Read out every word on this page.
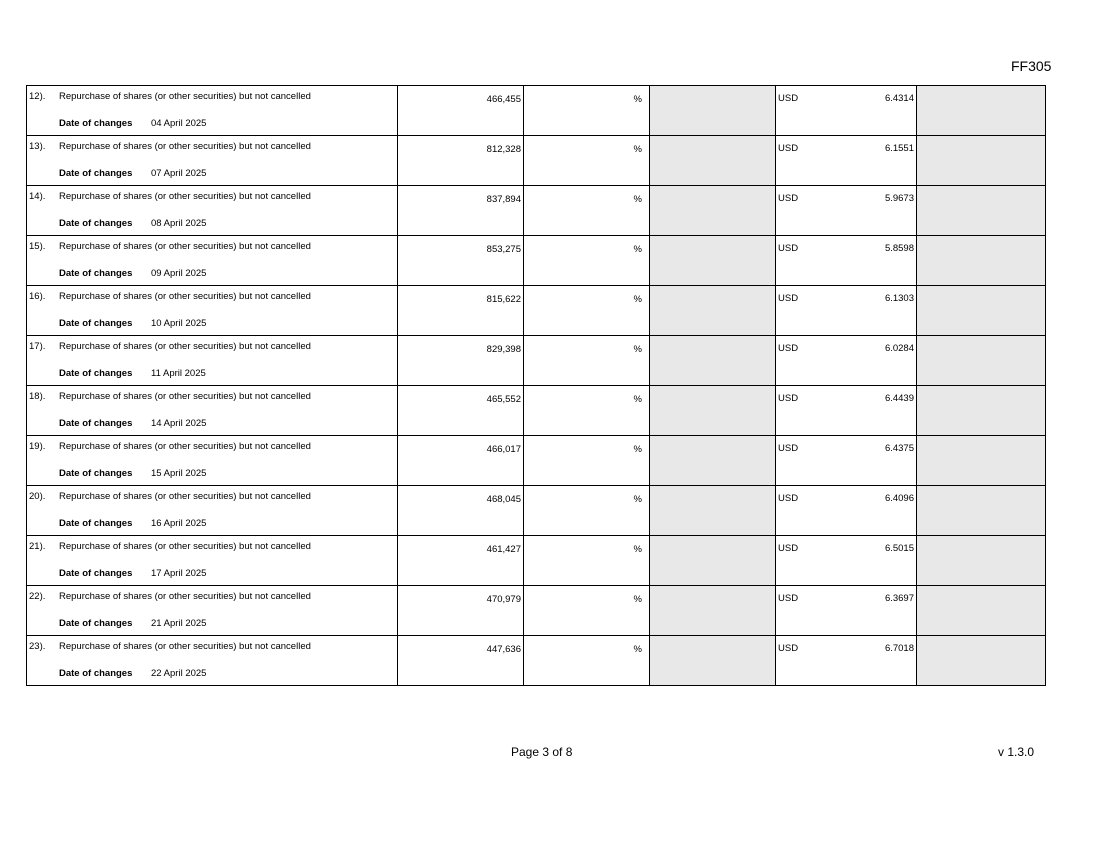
FF305
12). Repurchase of shares (or other securities) but not cancelled
Date of changes 04 April 2025	466,455	%		USD 6.4314	

13). Repurchase of shares (or other securities) but not cancelled
Date of changes 07 April 2025	812,328	%		USD 6.1551	

14). Repurchase of shares (or other securities) but not cancelled
Date of changes 08 April 2025	837,894	%		USD 5.9673	

15). Repurchase of shares (or other securities) but not cancelled
Date of changes 09 April 2025	853,275	%		USD 5.8598	

16). Repurchase of shares (or other securities) but not cancelled
Date of changes 10 April 2025	815,622	%		USD 6.1303	

17). Repurchase of shares (or other securities) but not cancelled
Date of changes 11 April 2025	829,398	%		USD 6.0284	

18). Repurchase of shares (or other securities) but not cancelled
Date of changes 14 April 2025	465,552	%		USD 6.4439	

19). Repurchase of shares (or other securities) but not cancelled
Date of changes 15 April 2025	466,017	%		USD 6.4375	

20). Repurchase of shares (or other securities) but not cancelled
Date of changes 16 April 2025	468,045	%		USD 6.4096	

21). Repurchase of shares (or other securities) but not cancelled
Date of changes 17 April 2025	461,427	%		USD 6.5015	

22). Repurchase of shares (or other securities) but not cancelled
Date of changes 21 April 2025	470,979	%		USD 6.3697	

23). Repurchase of shares (or other securities) but not cancelled
Date of changes 22 April 2025	447,636	%		USD 6.7018	

Page 3 of 8	v 1.3.0
